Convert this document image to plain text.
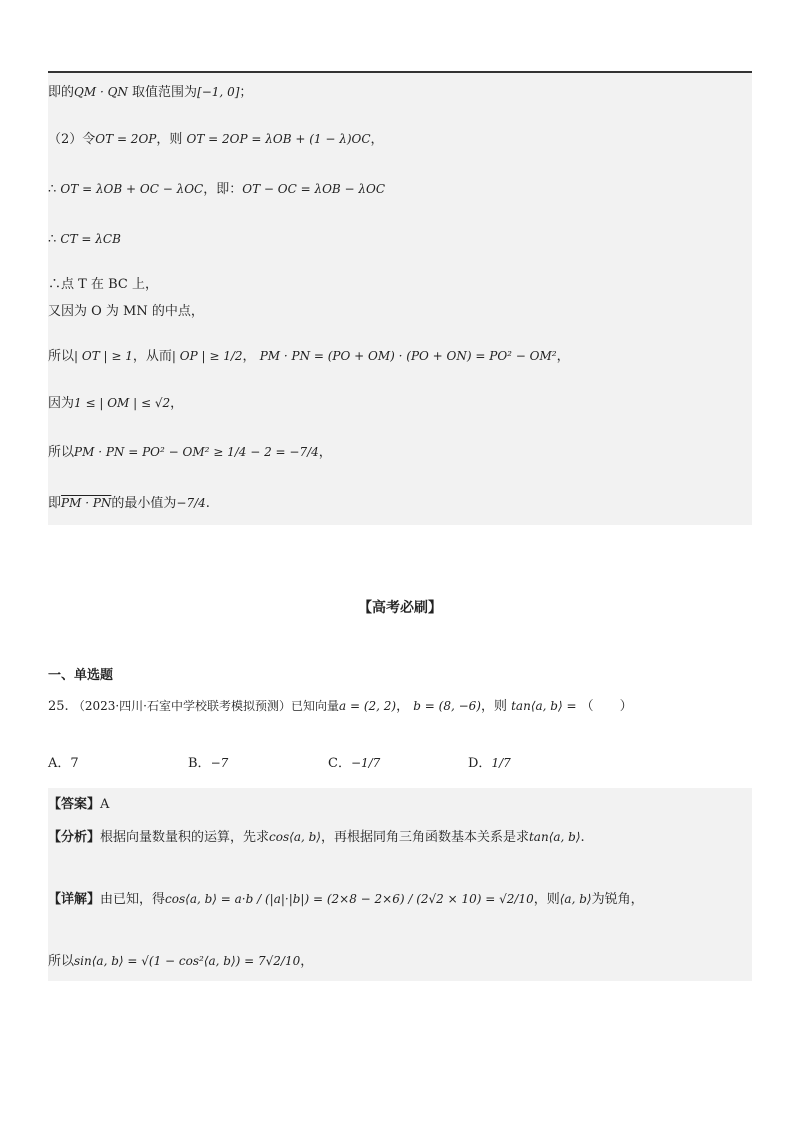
即的QM · QN 取值范围为[−1, 0]；
（2）令OT = 2OP，则 OT = 2OP = λOB + (1 − λ)OC，
∴ OT = λOB + OC − λOC，即：OT − OC = λOB − λOC
∴ CT = λCB
∴点 T 在 BC 上，
又因为 O 为 MN 的中点，
所以| OT | ≥ 1，从而| OP | ≥ 1/2， PM · PN = (PO + OM) · (PO + ON) = PO² − OM²，
因为1 ≤ | OM | ≤ √2，
所以PM · PN = PO² − OM² ≥ 1/4 − 2 = −7/4，
即PM · PN的最小值为−7/4.
【高考必刷】
一、单选题
25. （2023·四川·石室中学校联考模拟预测）已知向量a = (2, 2)， b = (8, −6)，则 tan⟨a, b⟩ = （　　）
A．7	B．−7	C．−1/7	D．1/7
【答案】A
【分析】根据向量数量积的运算，先求cos⟨a, b⟩，再根据同角三角函数基本关系是求tan⟨a, b⟩.
【详解】由已知，得cos⟨a, b⟩ = a·b / (|a|·|b|) = (2×8 − 2×6) / (2√2 × 10) = √2/10，则⟨a, b⟩为锐角，
所以sin⟨a, b⟩ = √(1 − cos²⟨a, b⟩) = 7√2/10，
